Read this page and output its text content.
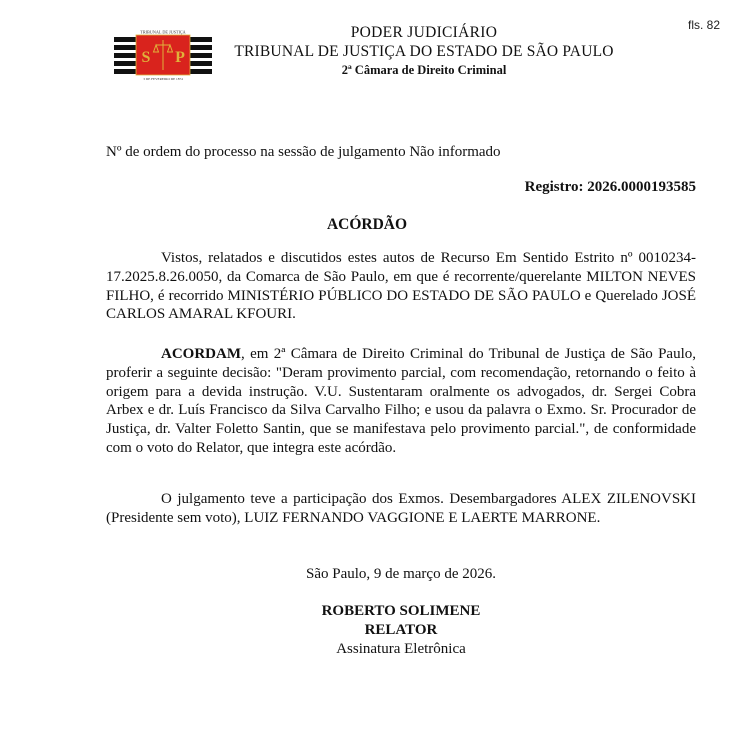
fls. 82
S P
TRIBUNAL DE JUSTIÇA
3 DE FEVEREIRO DE 1874
PODER JUDICIÁRIO
TRIBUNAL DE JUSTIÇA DO ESTADO DE SÃO PAULO
2ª Câmara de Direito Criminal
Nº de ordem do processo na sessão de julgamento Não informado
Registro: 2026.0000193585
ACÓRDÃO
Vistos, relatados e discutidos estes autos de Recurso Em Sentido Estrito nº 0010234-17.2025.8.26.0050, da Comarca de São Paulo, em que é recorrente/querelante MILTON NEVES FILHO, é recorrido MINISTÉRIO PÚBLICO DO ESTADO DE SÃO PAULO e Querelado JOSÉ CARLOS AMARAL KFOURI.
ACORDAM, em 2ª Câmara de Direito Criminal do Tribunal de Justiça de São Paulo, proferir a seguinte decisão: "Deram provimento parcial, com recomendação, retornando o feito à origem para a devida instrução. V.U. Sustentaram oralmente os advogados, dr. Sergei Cobra Arbex e dr. Luís Francisco da Silva Carvalho Filho; e usou da palavra o Exmo. Sr. Procurador de Justiça, dr. Valter Foletto Santin, que se manifestava pelo provimento parcial.", de conformidade com o voto do Relator, que integra este acórdão.
O julgamento teve a participação dos Exmos. Desembargadores ALEX ZILENOVSKI (Presidente sem voto), LUIZ FERNANDO VAGGIONE E LAERTE MARRONE.
São Paulo, 9 de março de 2026.
ROBERTO SOLIMENE
RELATOR
Assinatura Eletrônica
